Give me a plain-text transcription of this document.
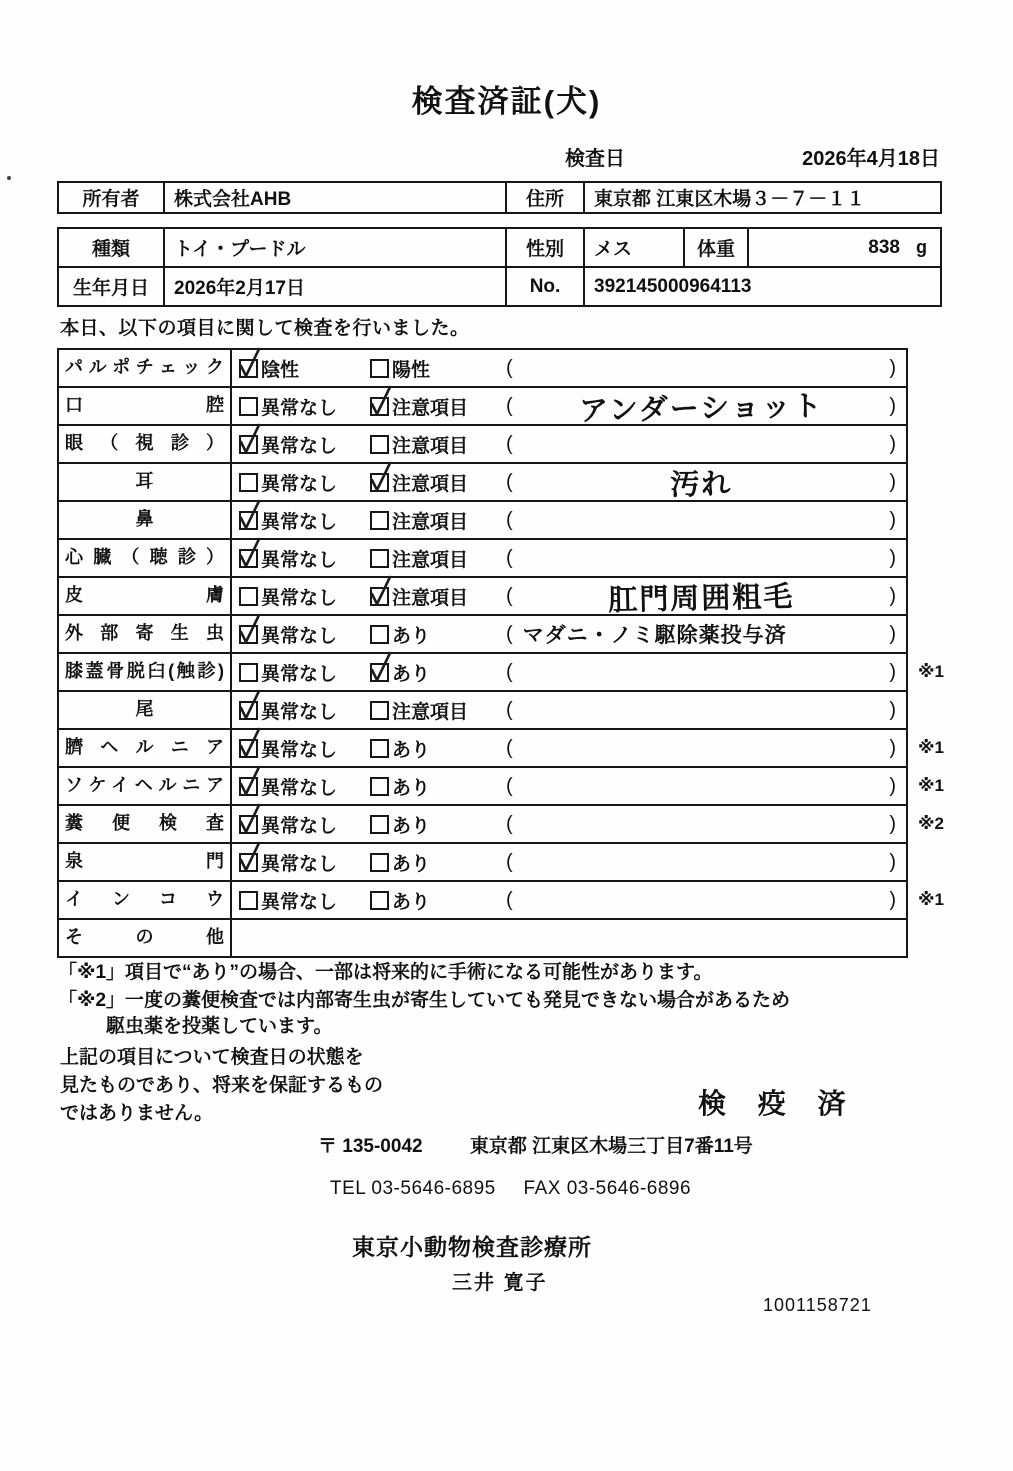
検査済証(犬)
検査日	2026年4月18日
所有者	株式会社AHB	住所	東京都 江東区木場３－７－１１
種類	トイ・プードル	性別	メス	体重	838 g
生年月日	2026年2月17日	No.	392145000964113		

本日、以下の項目に関して検査を行いました。

パルポチェック	陰性	陽性	(	)
口腔	異常なし	注意項目 (	アンダーショット	)
眼（視診）	異常なし	注意項目 (	)
耳	異常なし	注意項目 (	汚れ	)
鼻	異常なし	注意項目 (	)
心臓（聴診）	異常なし	注意項目 (	)
皮膚	異常なし	注意項目 (	肛門周囲粗毛	)
外部寄生虫	異常なし	あり	( マダニ・ノミ駆除薬投与済	)
膝蓋骨脱臼(触診)	異常なし	あり	(	) ※1
尾	異常なし	注意項目 (	)
臍ヘルニア	異常なし	あり	(	) ※1
ソケイヘルニア	異常なし	あり	(	) ※1
糞便検査	異常なし	あり	(	) ※2
泉門	異常なし	あり	(	)
インコウ	異常なし	あり	(	) ※1
その他

「※1」項目で“あり”の場合、一部は将来的に手術になる可能性があります。

「※2」一度の糞便検査では内部寄生虫が寄生していても発見できない場合があるため

駆虫薬を投薬しています。

上記の項目について検査日の状態を

見たものであり、将来を保証するもの

ではありません。	検 疫 済
〒 135-0042 東京都 江東区木場三丁目7番11号
TEL 03-5646-6895 FAX 03-5646-6896
東京小動物検査診療所
三井 寛子
1001158721
